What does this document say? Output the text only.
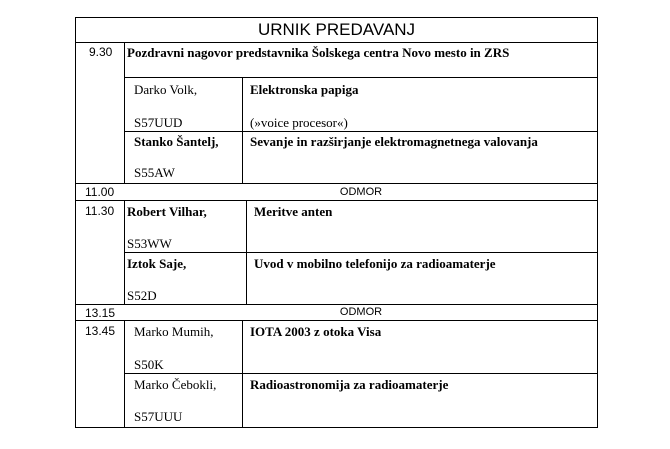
URNIK PREDAVANJ
9.30 Pozdravni nagovor predstavnika Šolskega centra Novo mesto in ZRS
Darko Volk,
S57UUD
Elektronska papiga
(»voice procesor«)
Stanko Šantelj,
S55AW
Sevanje in razširjanje elektromagnetnega valovanja
11.00	ODMOR
11.30 Robert Vilhar,
S53WW
Meritve anten
Iztok Saje,
S52D
Uvod v mobilno telefonijo za radioamaterje
13.15	ODMOR
13.45 Marko Mumih,
S50K
IOTA 2003 z otoka Visa
Marko Čebokli,
S57UUU
Radioastronomija za radioamaterje
